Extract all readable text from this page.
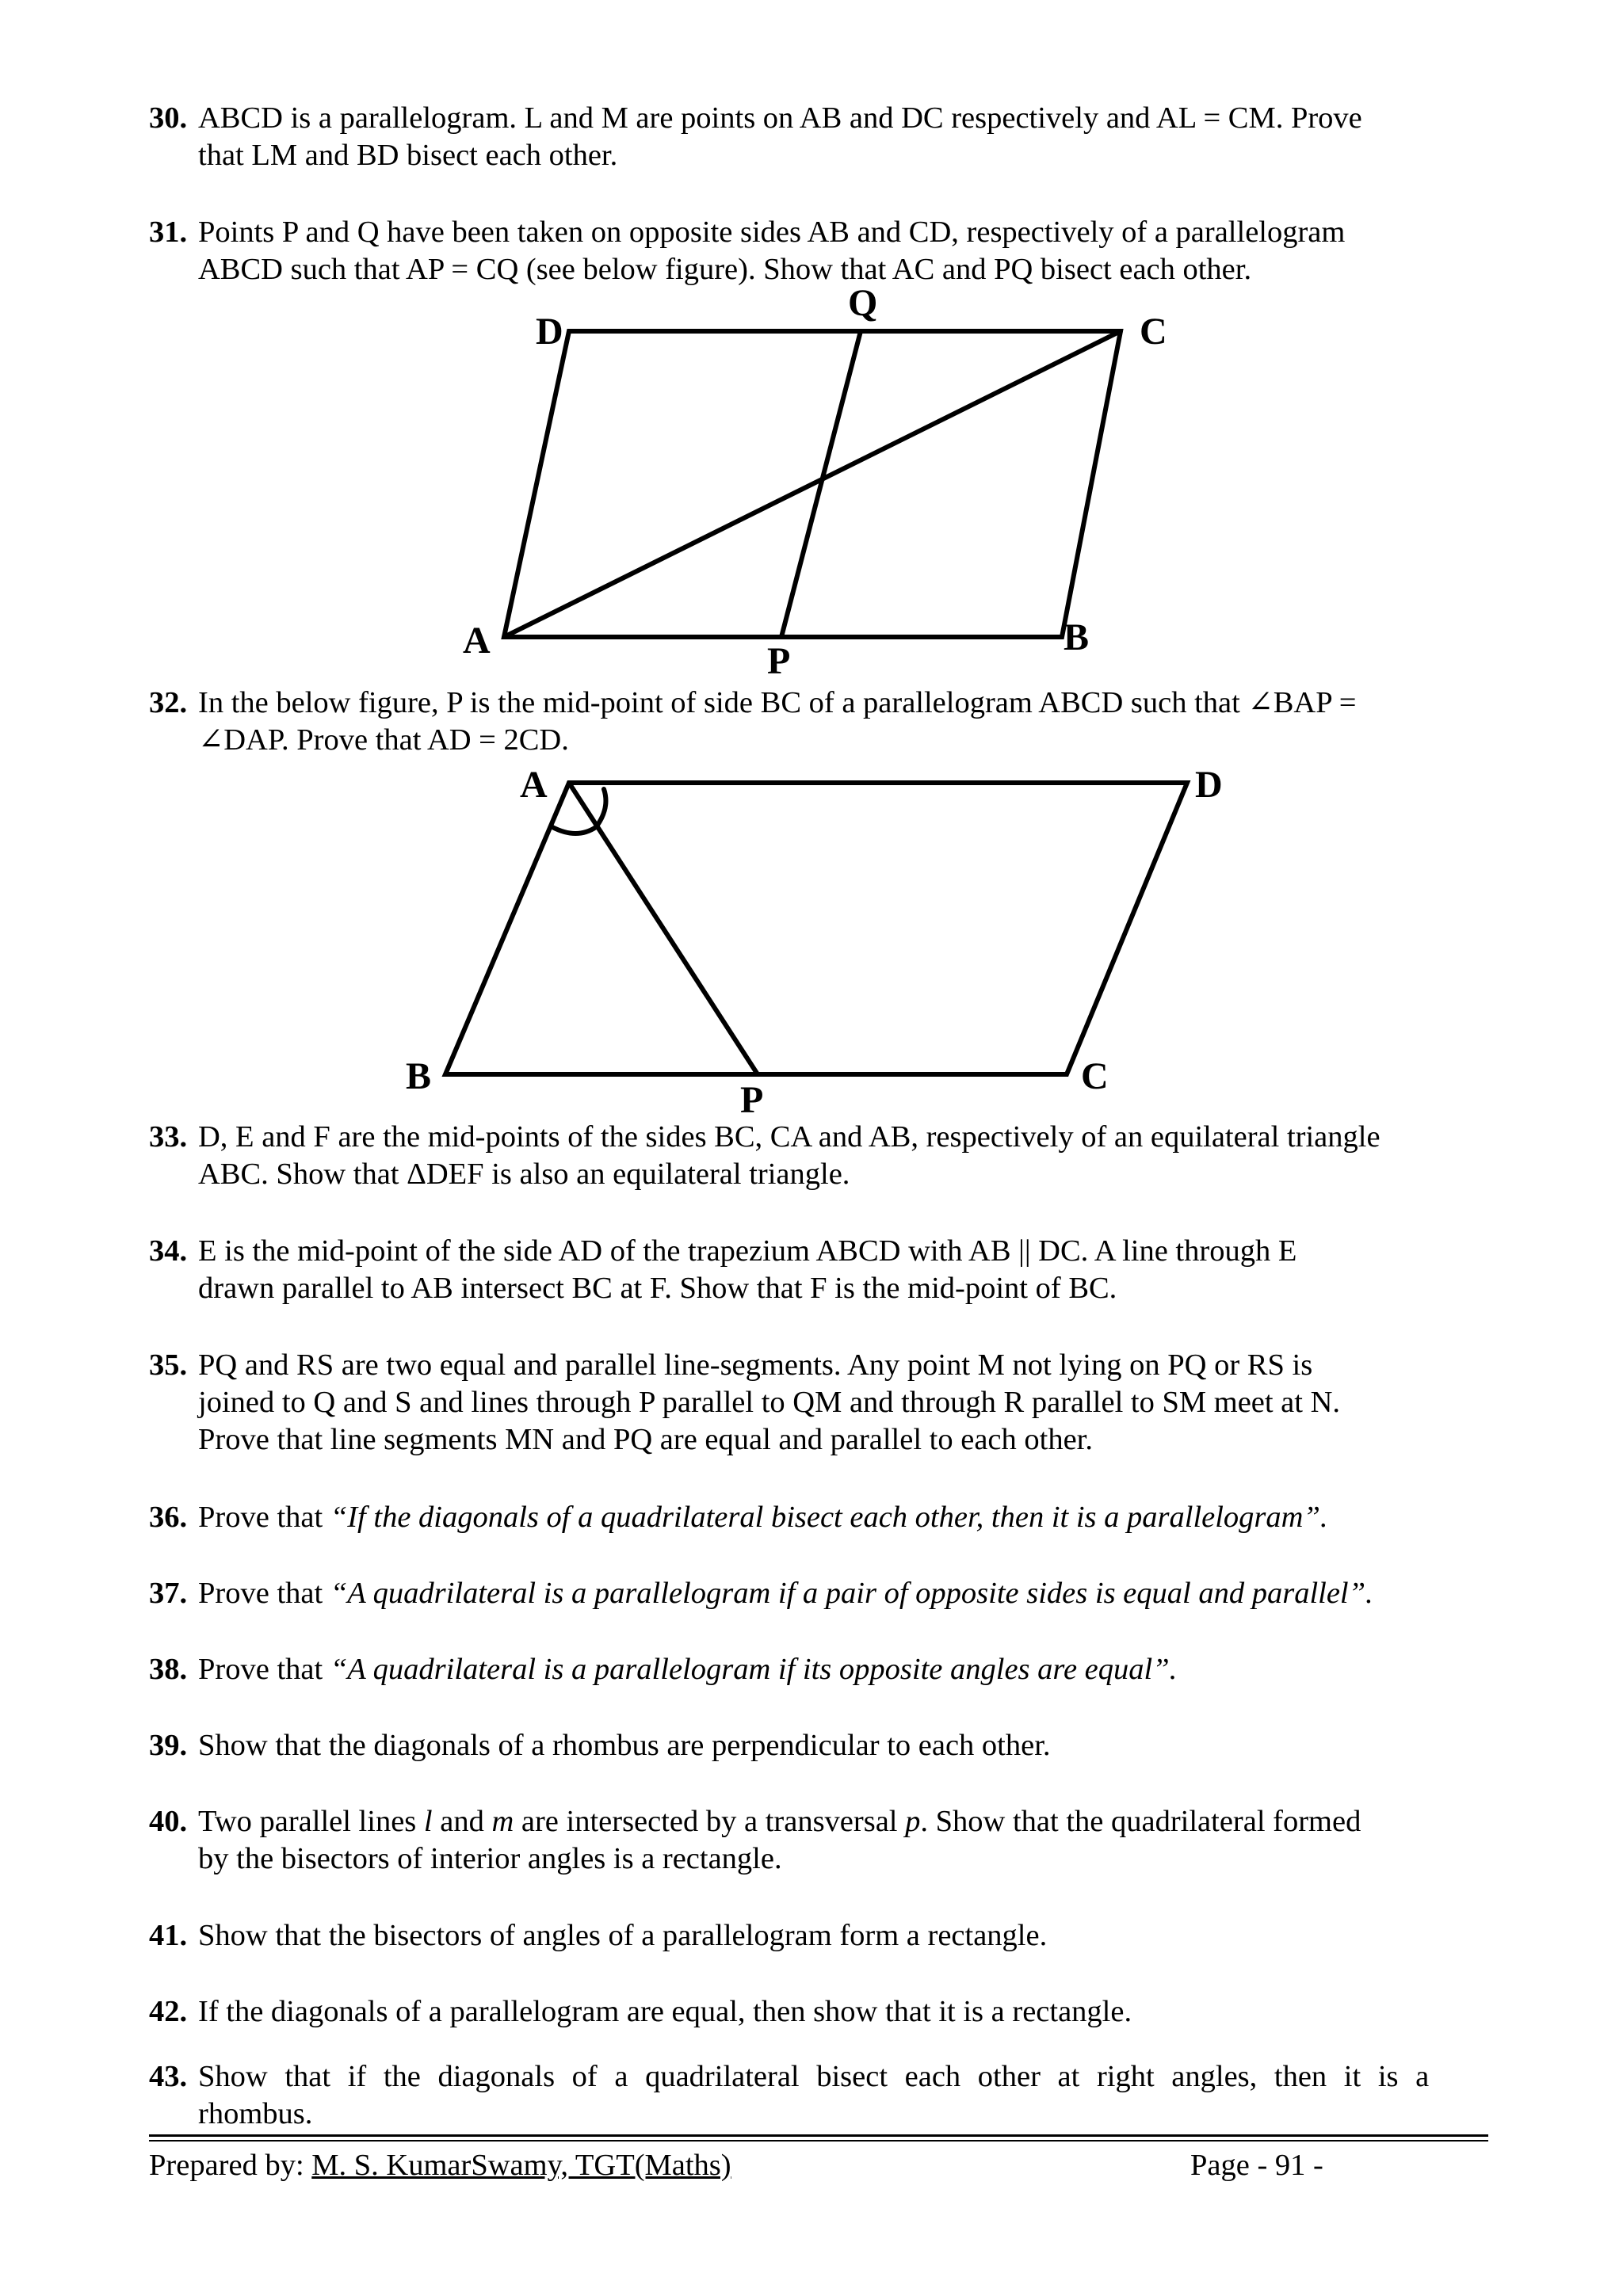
30. ABCD is a parallelogram. L and M are points on AB and DC respectively and AL = CM. Prove
that LM and BD bisect each other.
31. Points P and Q have been taken on opposite sides AB and CD, respectively of a parallelogram
ABCD such that AP = CQ (see below figure). Show that AC and PQ bisect each other.
A	B
C
D
P
Q
32. In the below figure, P is the mid-point of side BC of a parallelogram ABCD such that ∠BAP =
∠DAP. Prove that AD = 2CD.
A
B	C
D
P
33. D, E and F are the mid-points of the sides BC, CA and AB, respectively of an equilateral triangle
ABC. Show that ΔDEF is also an equilateral triangle.
34. E is the mid-point of the side AD of the trapezium ABCD with AB || DC. A line through E
drawn parallel to AB intersect BC at F. Show that F is the mid-point of BC.
35. PQ and RS are two equal and parallel line-segments. Any point M not lying on PQ or RS is
joined to Q and S and lines through P parallel to QM and through R parallel to SM meet at N.
Prove that line segments MN and PQ are equal and parallel to each other.
36. Prove that “If the diagonals of a quadrilateral bisect each other, then it is a parallelogram”.
37. Prove that “A quadrilateral is a parallelogram if a pair of opposite sides is equal and parallel”.
38. Prove that “A quadrilateral is a parallelogram if its opposite angles are equal”.
39. Show that the diagonals of a rhombus are perpendicular to each other.
40. Two parallel lines l and m are intersected by a transversal p. Show that the quadrilateral formed
by the bisectors of interior angles is a rectangle.
41. Show that the bisectors of angles of a parallelogram form a rectangle.
42. If the diagonals of a parallelogram are equal, then show that it is a rectangle.
43. Show that if the diagonals of a quadrilateral bisect each other at right angles, then it is a
rhombus.
Prepared by: M. S. KumarSwamy, TGT(Maths)	Page - 91 -
